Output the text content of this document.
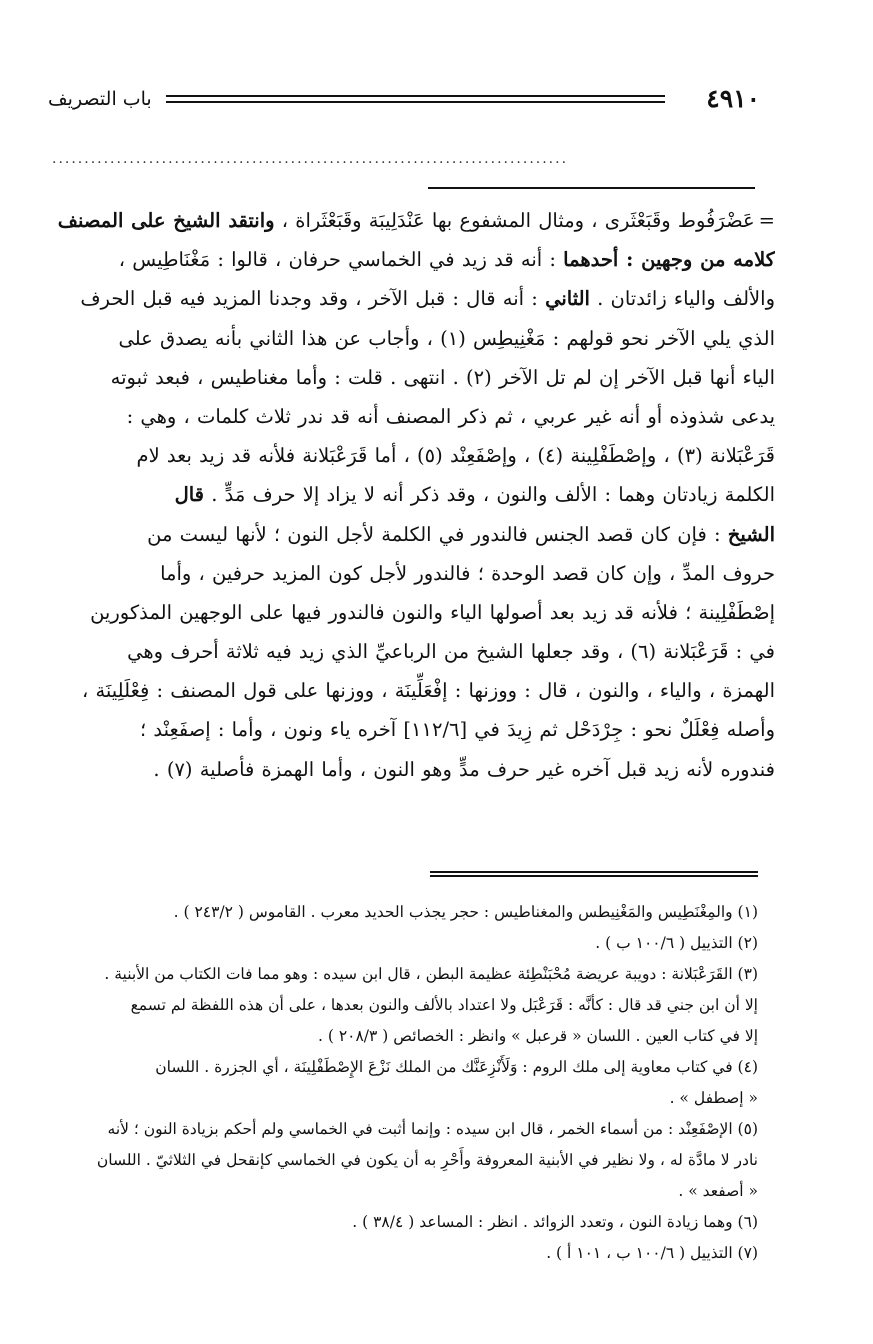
٤٩١٠
باب التصريف
................................................................................
=عَضْرَفُوط وقَبَعْثَرى ، ومثال المشفوع بها عَنْدَلِيبَة وقَبَعْثَراة ، وانتقد الشيخ على المصنف
كلامه من وجهين : أحدهما : أنه قد زيد في الخماسي حرفان ، قالوا : مَغْنَاطِيس ،
والألف والياء زائدتان . الثاني : أنه قال : قبل الآخر ، وقد وجدنا المزيد فيه قبل الحرف
الذي يلي الآخر نحو قولهم : مَغْنِيطِس (١) ، وأجاب عن هذا الثاني بأنه يصدق على
الياء أنها قبل الآخر إن لم تل الآخر (٢) . انتهى . قلت : وأما مغناطيس ، فبعد ثبوته
يدعى شذوذه أو أنه غير عربي ، ثم ذكر المصنف أنه قد ندر ثلاث كلمات ، وهي :
قَرَعْبَلانة (٣) ، وإصْطَفْلِينة (٤) ، وإصْفَعِنْد (٥) ، أما قَرَعْبَلانة فلأنه قد زيد بعد لام
الكلمة زيادتان وهما : الألف والنون ، وقد ذكر أنه لا يزاد إلا حرف مَدٍّ . قال
الشيخ : فإن كان قصد الجنس فالندور في الكلمة لأجل النون ؛ لأنها ليست من
حروف المدِّ ، وإن كان قصد الوحدة ؛ فالندور لأجل كون المزيد حرفين ، وأما
إصْطَفْلِينة ؛ فلأنه قد زيد بعد أصولها الياء والنون فالندور فيها على الوجهين المذكورين
في : قَرَعْبَلانة (٦) ، وقد جعلها الشيخ من الرباعيِّ الذي زيد فيه ثلاثة أحرف وهي
الهمزة ، والياء ، والنون ، قال : ووزنها : إفْعَلِّينَة ، ووزنها على قول المصنف : فِعْلَلِينَة ،
وأصله فِعْلَلٌ نحو : جِرْدَحْل ثم زِيدَ في [١١٢/٦] آخره ياء ونون ، وأما : إصفَعِنْد ؛
فندوره لأنه زيد قبل آخره غير حرف مدٍّ وهو النون ، وأما الهمزة فأصلية (٧) .
(١) والمِغْنَطِيس والمَغْنِيطس والمغناطيس : حجر يجذب الحديد معرب . القاموس ( ٢٤٣/٢ ) .
(٢) التذييل ( ١٠٠/٦ ب ) .
(٣) القَرَعْبَلانة : دويبة عريضة مُحْبَنْطِئة عظيمة البطن ، قال ابن سيده : وهو مما فات الكتاب من الأبنية .
إلا أن ابن جني قد قال : كأنَّه : قَرَعْبَل ولا اعتداد بالألف والنون بعدها ، على أن هذه اللفظة لم تسمع
إلا في كتاب العين . اللسان « قرعبل » وانظر : الخصائص ( ٢٠٨/٣ ) .
(٤) في كتاب معاوية إلى ملك الروم : وَلَأَنْزِعَنَّك من الملك نَزْعَ الإِصْطَفْلِينَة ، أي الجزرة . اللسان
« إصطفل » .
(٥) الإصْفَعِنْد : من أسماء الخمر ، قال ابن سيده : وإنما أثبت في الخماسي ولم أحكم بزيادة النون ؛ لأنه
نادر لا مادَّة له ، ولا نظير في الأبنية المعروفة وأَحْرِ به أن يكون في الخماسي كإنقحل في الثلاثيّ . اللسان
« أصفعد » .
(٦) وهما زيادة النون ، وتعدد الزوائد . انظر : المساعد ( ٣٨/٤ ) .
(٧) التذييل ( ١٠٠/٦ ب ، ١٠١ أ ) .
